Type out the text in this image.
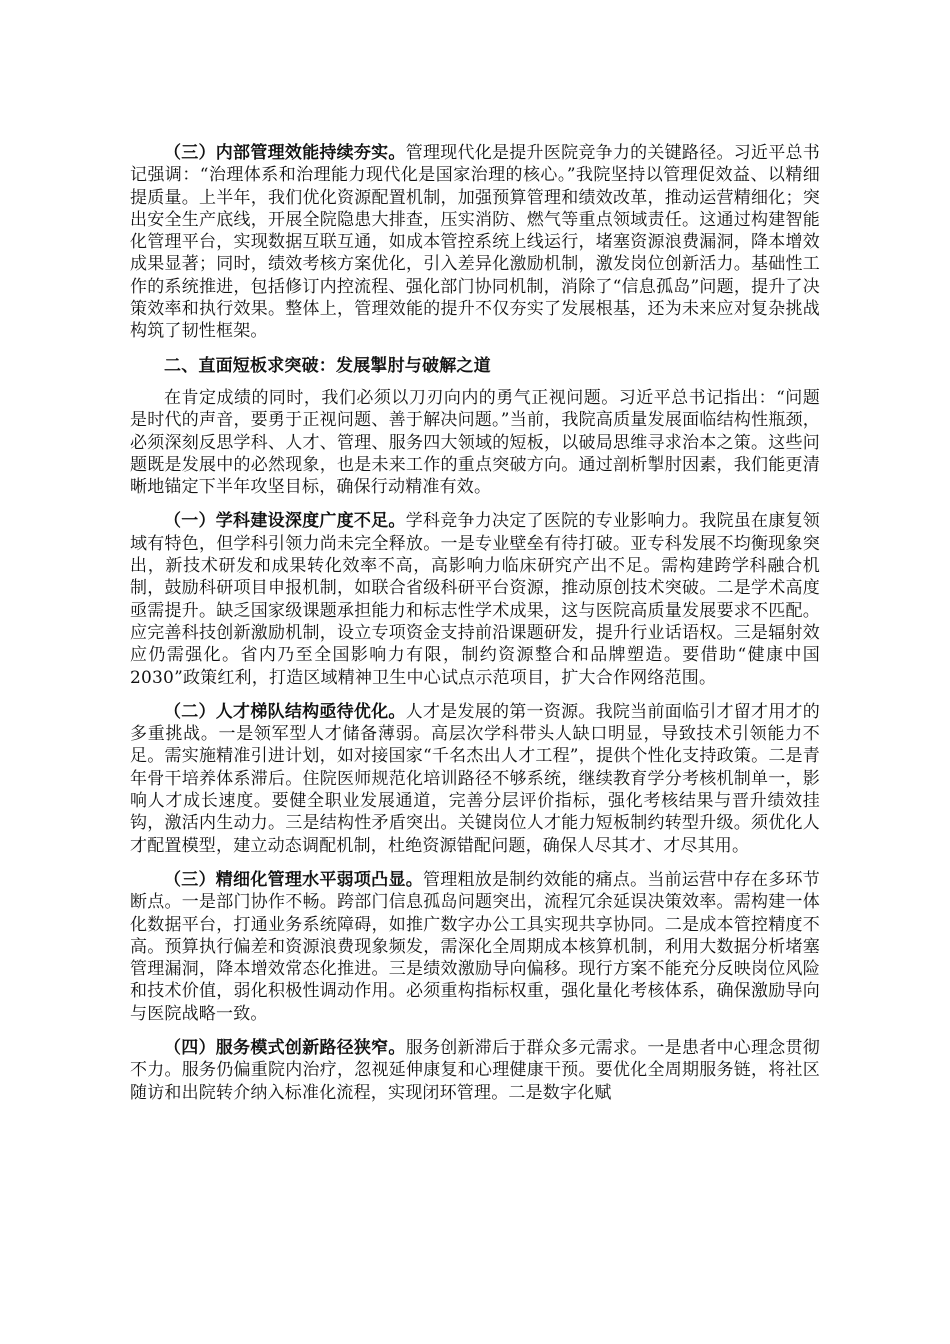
（三）内部管理效能持续夯实。管理现代化是提升医院竞争力的关键路径。习近平总书记强调：“治理体系和治理能力现代化是国家治理的核心。”我院坚持以管理促效益、以精细提质量。上半年，我们优化资源配置机制，加强预算管理和绩效改革，推动运营精细化；突出安全生产底线，开展全院隐患大排查，压实消防、燃气等重点领域责任。这通过构建智能化管理平台，实现数据互联互通，如成本管控系统上线运行，堵塞资源浪费漏洞，降本增效成果显著；同时，绩效考核方案优化，引入差异化激励机制，激发岗位创新活力。基础性工作的系统推进，包括修订内控流程、强化部门协同机制，消除了“信息孤岛”问题，提升了决策效率和执行效果。整体上，管理效能的提升不仅夯实了发展根基，还为未来应对复杂挑战构筑了韧性框架。

二、直面短板求突破：发展掣肘与破解之道

在肯定成绩的同时，我们必须以刀刃向内的勇气正视问题。习近平总书记指出：“问题是时代的声音，要勇于正视问题、善于解决问题。”当前，我院高质量发展面临结构性瓶颈，必须深刻反思学科、人才、管理、服务四大领域的短板，以破局思维寻求治本之策。这些问题既是发展中的必然现象，也是未来工作的重点突破方向。通过剖析掣肘因素，我们能更清晰地锚定下半年攻坚目标，确保行动精准有效。

（一）学科建设深度广度不足。学科竞争力决定了医院的专业影响力。我院虽在康复领域有特色，但学科引领力尚未完全释放。一是专业壁垒有待打破。亚专科发展不均衡现象突出，新技术研发和成果转化效率不高，高影响力临床研究产出不足。需构建跨学科融合机制，鼓励科研项目申报机制，如联合省级科研平台资源，推动原创技术突破。二是学术高度亟需提升。缺乏国家级课题承担能力和标志性学术成果，这与医院高质量发展要求不匹配。应完善科技创新激励机制，设立专项资金支持前沿课题研发，提升行业话语权。三是辐射效应仍需强化。省内乃至全国影响力有限，制约资源整合和品牌塑造。要借助“健康中国2030”政策红利，打造区域精神卫生中心试点示范项目，扩大合作网络范围。

（二）人才梯队结构亟待优化。人才是发展的第一资源。我院当前面临引才留才用才的多重挑战。一是领军型人才储备薄弱。高层次学科带头人缺口明显，导致技术引领能力不足。需实施精准引进计划，如对接国家“千名杰出人才工程”，提供个性化支持政策。二是青年骨干培养体系滞后。住院医师规范化培训路径不够系统，继续教育学分考核机制单一，影响人才成长速度。要健全职业发展通道，完善分层评价指标，强化考核结果与晋升绩效挂钩，激活内生动力。三是结构性矛盾突出。关键岗位人才能力短板制约转型升级。须优化人才配置模型，建立动态调配机制，杜绝资源错配问题，确保人尽其才、才尽其用。

（三）精细化管理水平弱项凸显。管理粗放是制约效能的痛点。当前运营中存在多环节断点。一是部门协作不畅。跨部门信息孤岛问题突出，流程冗余延误决策效率。需构建一体化数据平台，打通业务系统障碍，如推广数字办公工具实现共享协同。二是成本管控精度不高。预算执行偏差和资源浪费现象频发，需深化全周期成本核算机制，利用大数据分析堵塞管理漏洞，降本增效常态化推进。三是绩效激励导向偏移。现行方案不能充分反映岗位风险和技术价值，弱化积极性调动作用。必须重构指标权重，强化量化考核体系，确保激励导向与医院战略一致。

（四）服务模式创新路径狭窄。服务创新滞后于群众多元需求。一是患者中心理念贯彻不力。服务仍偏重院内治疗，忽视延伸康复和心理健康干预。要优化全周期服务链，将社区随访和出院转介纳入标准化流程，实现闭环管理。二是数字化赋
